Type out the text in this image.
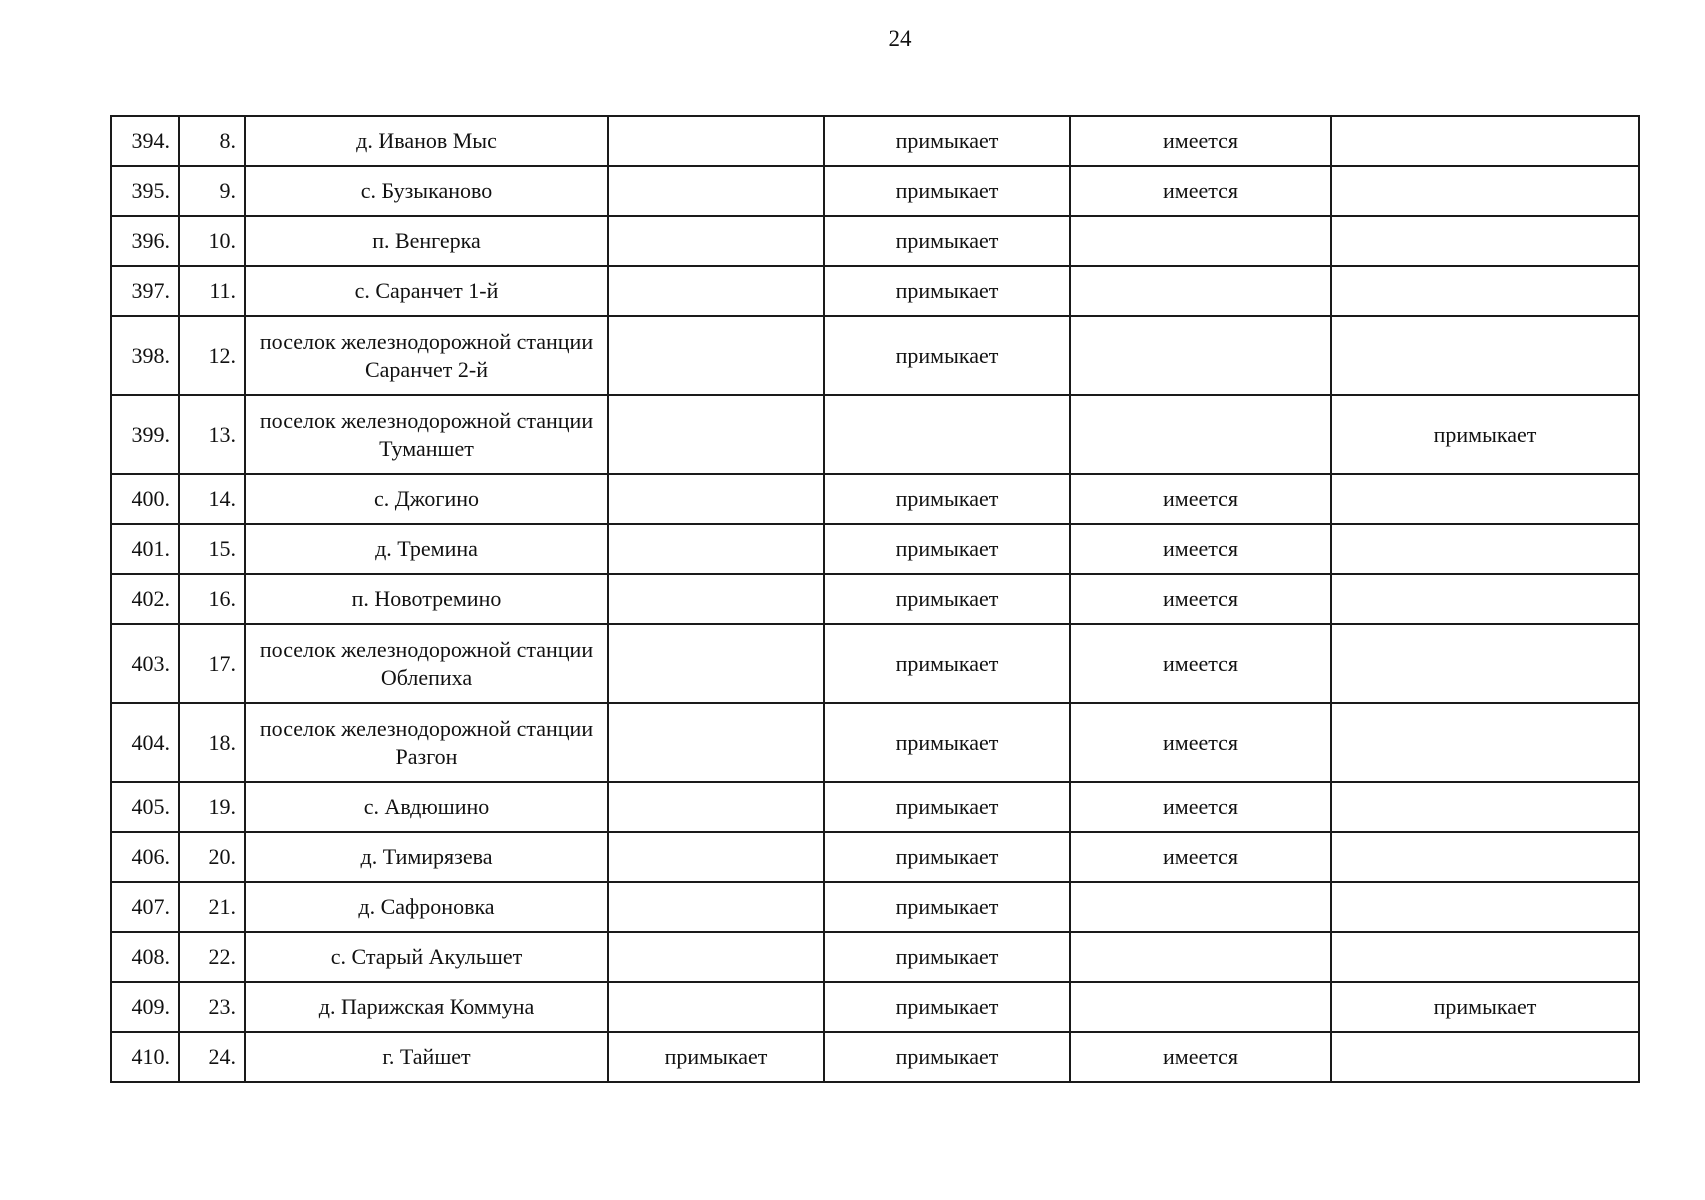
24
394.	8.	д. Иванов Мыс		примыкает	имеется	
395.	9.	с. Бузыканово		примыкает	имеется	
396.	10.	п. Венгерка		примыкает		
397.	11.	с. Саранчет 1-й		примыкает		
398.	12.	поселок железнодорожной станции Саранчет 2-й		примыкает		
399.	13.	поселок железнодорожной станции Туманшет				примыкает
400.	14.	с. Джогино		примыкает	имеется	
401.	15.	д. Тремина		примыкает	имеется	
402.	16.	п. Новотремино		примыкает	имеется	
403.	17.	поселок железнодорожной станции Облепиха		примыкает	имеется	
404.	18.	поселок железнодорожной станции Разгон		примыкает	имеется	
405.	19.	с. Авдюшино		примыкает	имеется	
406.	20.	д. Тимирязева		примыкает	имеется	
407.	21.	д. Сафроновка		примыкает		
408.	22.	с. Старый Акульшет		примыкает		
409.	23.	д. Парижская Коммуна		примыкает		примыкает
410.	24.	г. Тайшет	примыкает	примыкает	имеется	
